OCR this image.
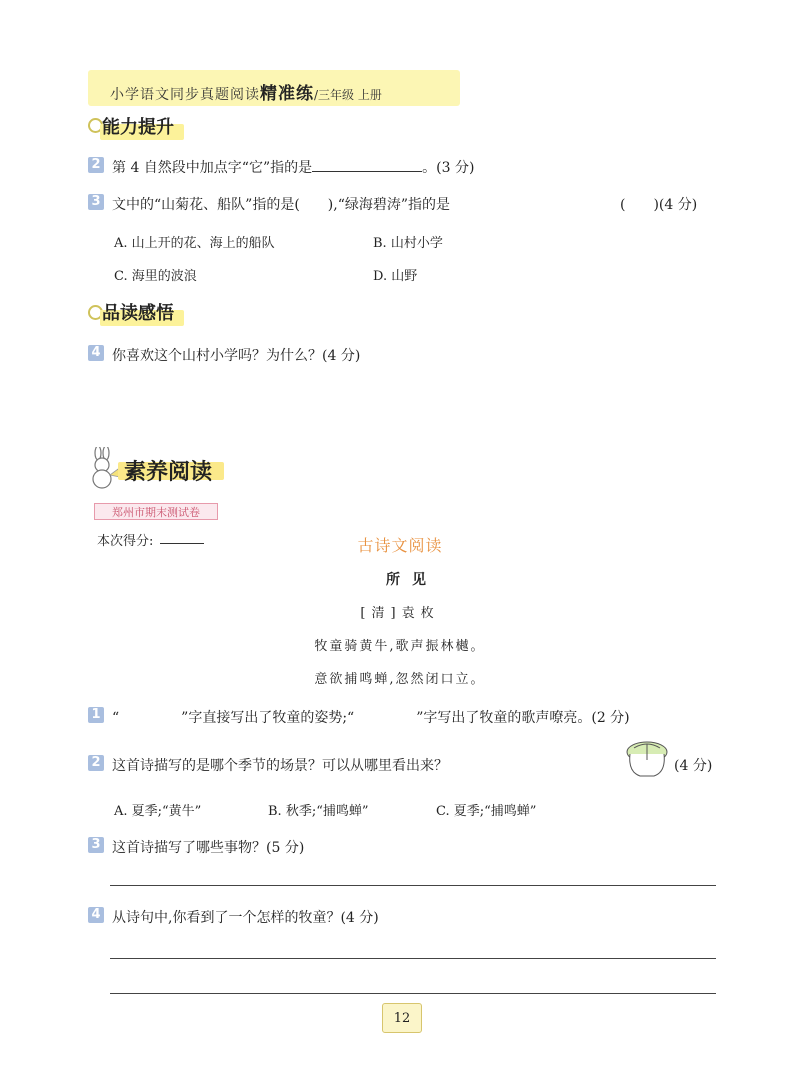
小学语文同步真题阅读精准练/三年级 上册
能力提升
2 第 4 自然段中加点字“它”指的是	。(3 分)
3 文中的“山菊花、船队”指的是(　　),“绿海碧涛”指的是	(　　)(4 分)
A. 山上开的花、海上的船队	B. 山村小学
C. 海里的波浪	D. 山野
品读感悟
4 你喜欢这个山村小学吗？为什么？(4 分)
素养阅读
郑州市期末测试卷
本次得分:	古诗文阅读
所见
[清]袁枚
牧童骑黄牛,歌声振林樾。
意欲捕鸣蝉,忽然闭口立。
1 “	”字直接写出了牧童的姿势;“	”字写出了牧童的歌声嘹亮。(2 分)
2 这首诗描写的是哪个季节的场景？可以从哪里看出来？	(4 分)
A. 夏季;“黄牛”	B. 秋季;“捕鸣蝉”	C. 夏季;“捕鸣蝉”
3 这首诗描写了哪些事物？(5 分)
4 从诗句中,你看到了一个怎样的牧童？(4 分)
12
